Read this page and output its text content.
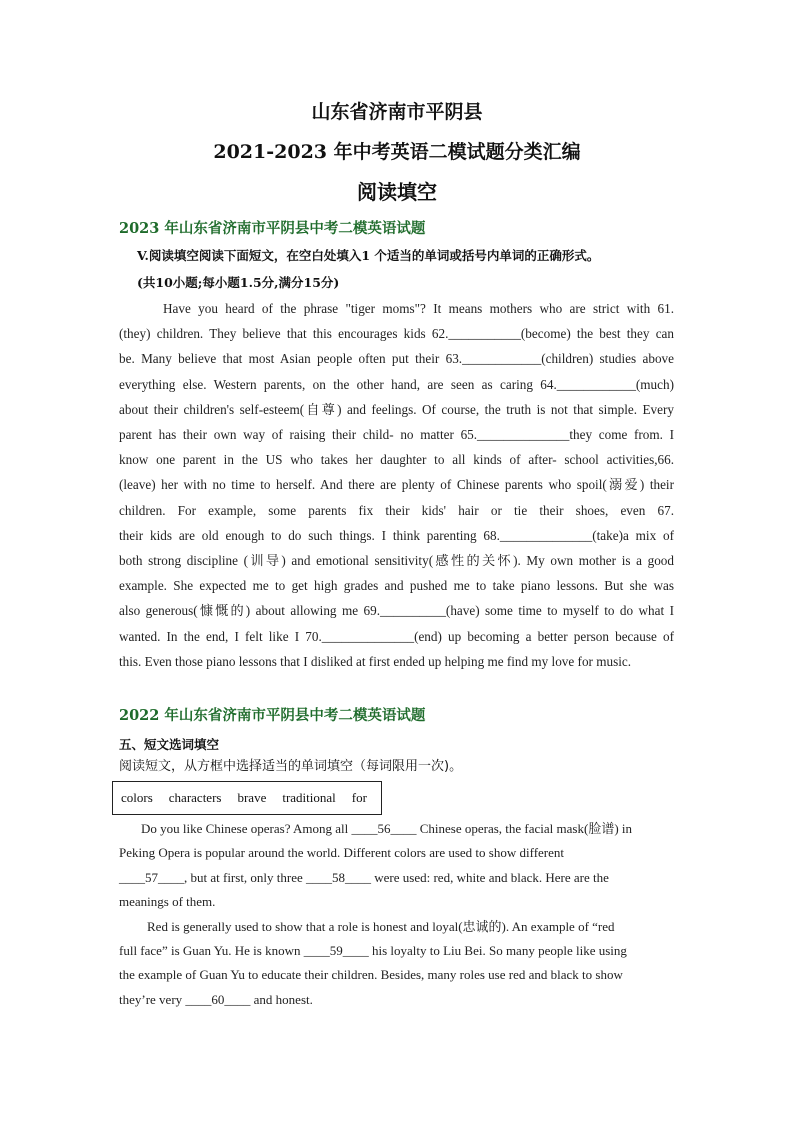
山东省济南市平阴县
2021-2023 年中考英语二模试题分类汇编
阅读填空
2023 年山东省济南市平阴县中考二模英语试题
V.阅读填空阅读下面短文，在空白处填入1 个适当的单词或括号内单词的正确形式。
(共10小题;每小题1.5分,满分15分)
Have you heard of the phrase "tiger moms"? It means mothers who are strict with 61.
(they) children. They believe that this encourages kids 62.___________(become) the best they can
be. Many believe that most Asian people often put their 63.____________(children) studies above
everything else. Western parents, on the other hand, are seen as caring 64.____________(much)
about their children's self-esteem(自尊) and feelings. Of course, the truth is not that simple. Every
parent has their own way of raising their child- no matter 65.______________they come from. I
know one parent in the US who takes her daughter to all kinds of after- school activities,66.
(leave) her with no time to herself. And there are plenty of Chinese parents who spoil(溺爱) their
children. For example, some parents fix their kids' hair or tie their shoes, even 67.
their kids are old enough to do such things. I think parenting 68.______________(take)a mix of
both strong discipline (训导) and emotional sensitivity(感性的关怀). My own mother is a good
example. She expected me to get high grades and pushed me to take piano lessons. But she was
also generous(慷慨的) about allowing me 69.__________(have) some time to myself to do what I
wanted. In the end, I felt like I 70.______________(end) up becoming a better person because of
this. Even those piano lessons that I disliked at first ended up helping me find my love for music.
2022 年山东省济南市平阴县中考二模英语试题
五、短文选词填空
阅读短文，从方框中选择适当的单词填空（每词限用一次)。
colors characters brave traditional for
Do you like Chinese operas? Among all ____56____ Chinese operas, the facial mask(脸谱) in
Peking Opera is popular around the world. Different colors are used to show different
____57____, but at first, only three ____58____ were used: red, white and black. Here are the
meanings of them.
Red is generally used to show that a role is honest and loyal(忠诚的). An example of “red
full face” is Guan Yu. He is known ____59____ his loyalty to Liu Bei. So many people like using
the example of Guan Yu to educate their children. Besides, many roles use red and black to show
they’re very ____60____ and honest.
